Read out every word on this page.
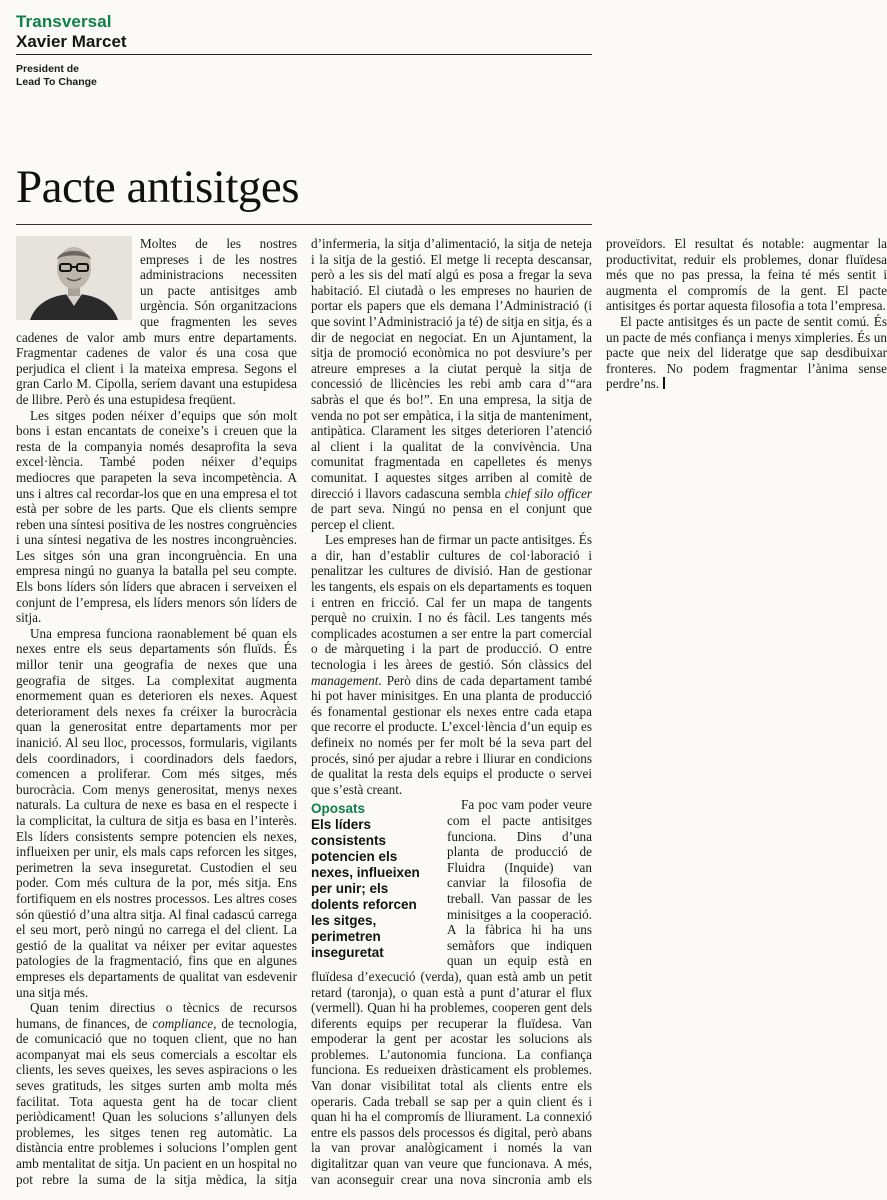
Transversal
Xavier Marcet
President de
Lead To Change
Pacte antisitges

Moltes de les nostres empreses i de les nostres administracions necessiten un pacte antisitges amb urgència. Són organitzacions que fragmenten les seves cadenes de valor amb murs entre departaments. Fragmentar cadenes de valor és una cosa que perjudica el client i la mateixa empresa. Segons el gran Carlo M. Cipolla, seríem davant una estupidesa de llibre. Però és una estupidesa freqüent.

Les sitges poden néixer d’equips que són molt bons i estan encantats de coneixe’s i creuen que la resta de la companyia només desaprofita la seva excel·lència. També poden néixer d’equips mediocres que parapeten la seva incompetència. A uns i altres cal recordar-los que en una empresa el tot està per sobre de les parts. Que els clients sempre reben una síntesi positiva de les nostres congruències i una síntesi negativa de les nostres incongruències. Les sitges són una gran incongruència. En una empresa ningú no guanya la batalla pel seu compte. Els bons líders són líders que abracen i serveixen el conjunt de l’empresa, els líders menors són líders de sitja.

Una empresa funciona raonablement bé quan els nexes entre els seus departaments són fluïds. És millor tenir una geografia de nexes que una geografia de sitges. La complexitat augmenta enormement quan es deterioren els nexes. Aquest deteriorament dels nexes fa créixer la burocràcia quan la generositat entre departaments mor per inanició. Al seu lloc, processos, formularis, vigilants dels coordinadors, i coordinadors dels faedors, comencen a proliferar. Com més sitges, més burocràcia. Com menys generositat, menys nexes naturals. La cultura de nexe es basa en el respecte i la complicitat, la cultura de sitja es basa en l’interès. Els líders consistents sempre potencien els nexes, influeixen per unir, els mals caps reforcen les sitges, perimetren la seva inseguretat. Custodien el seu poder. Com més cultura de la por, més sitja. Ens fortifiquem en els nostres processos. Les altres coses són qüestió d’una altra sitja. Al final cadascú carrega el seu mort, però ningú no carrega el del client. La gestió de la qualitat va néixer per evitar aquestes patologies de la fragmentació, fins que en algunes empreses els departaments de qualitat van esdevenir una sitja més.

Quan tenim directius o tècnics de recursos humans, de finances, de compliance, de tecnologia, de comunicació que no toquen client, que no han acompanyat mai els seus comercials a escoltar els clients, les seves queixes, les seves aspiracions o les seves gratituds, les sitges surten amb molta més facilitat. Tota aquesta gent ha de tocar client periòdicament! Quan les solucions s’allunyen dels problemes, les sitges tenen reg automàtic. La distància entre problemes i solucions l’omplen gent amb mentalitat de sitja. Un pacient en un hospital no pot rebre la suma de la sitja mèdica, la sitja d’infermeria, la sitja d’alimentació, la sitja de neteja i la sitja de la gestió. El metge li recepta descansar, però a les sis del matí algú es posa a fregar la seva habitació. El ciutadà o les empreses no haurien de portar els papers que els demana l’Administració (i que sovint l’Administració ja té) de sitja en sitja, és a dir de negociat en negociat. En un Ajuntament, la sitja de promoció econòmica no pot desviure’s per atreure empreses a la ciutat perquè la sitja de concessió de llicències les rebi amb cara d’“ara sabràs el que és bo!”. En una empresa, la sitja de venda no pot ser empàtica, i la sitja de manteniment, antipàtica. Clarament les sitges deterioren l’atenció al client i la qualitat de la convivència. Una comunitat fragmentada en capelletes és menys comunitat. I aquestes sitges arriben al comitè de direcció i llavors cadascuna sembla chief silo officer de part seva. Ningú no pensa en el conjunt que percep el client.

Les empreses han de firmar un pacte antisitges. És a dir, han d’establir cultures de col·laboració i penalitzar les cultures de divisió. Han de gestionar les tangents, els espais on els departaments es toquen i entren en fricció. Cal fer un mapa de tangents perquè no cruixin. I no és fàcil. Les tangents més complicades acostumen a ser entre la part comercial o de màrqueting i la part de producció. O entre tecnologia i les àrees de gestió. Són clàssics del management. Però dins de cada departament també hi pot haver minisitges. En una planta de producció és fonamental gestionar els nexes entre cada etapa que recorre el producte. L’excel·lència d’un equip es defineix no només per fer molt bé la seva part del procés, sinó per ajudar a rebre i lliurar en condicions de qualitat la resta dels equips el producte o servei que s’està creant.

Oposats
Els líders consistents potencien els nexes, influeixen per unir; els dolents reforcen les sitges, perimetren inseguretat

Fa poc vam poder veure com el pacte antisitges funciona. Dins d’una planta de producció de Fluidra (Inquide) van canviar la filosofia de treball. Van passar de les minisitges a la cooperació. A la fàbrica hi ha uns semàfors que indiquen quan un equip està en fluïdesa d’execució (verda), quan està amb un petit retard (taronja), o quan està a punt d’aturar el flux (vermell). Quan hi ha problemes, cooperen gent dels diferents equips per recuperar la fluïdesa. Van empoderar la gent per acostar les solucions als problemes. L’autonomia funciona. La confiança funciona. Es redueixen dràsticament els problemes. Van donar visibilitat total als clients entre els operaris. Cada treball se sap per a quin client és i quan hi ha el compromís de lliurament. La connexió entre els passos dels processos és digital, però abans la van provar analògicament i només la van digitalitzar quan van veure que funcionava. A més, van aconseguir crear una nova sincronia amb els proveïdors. El resultat és notable: augmentar la productivitat, reduir els problemes, donar fluïdesa més que no pas pressa, la feina té més sentit i augmenta el compromís de la gent. El pacte antisitges és portar aquesta filosofia a tota l’empresa.

El pacte antisitges és un pacte de sentit comú. És un pacte de més confiança i menys ximpleries. És un pacte que neix del lideratge que sap desdibuixar fronteres. No podem fragmentar l’ànima sense perdre’ns.
